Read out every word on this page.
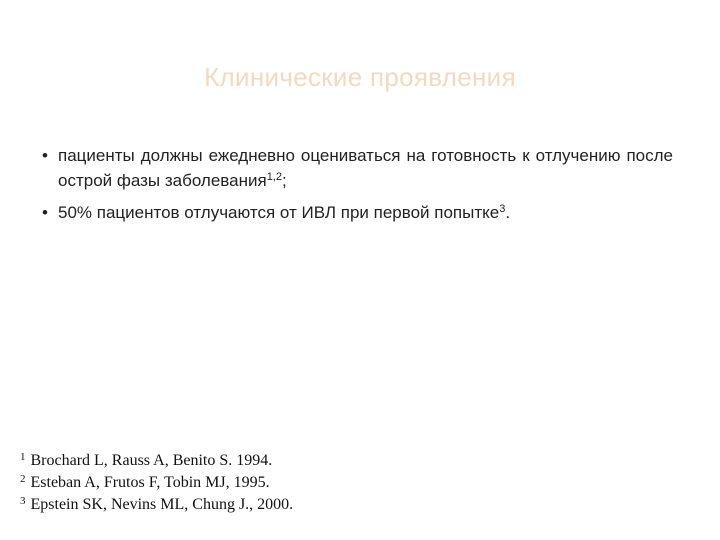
Клинические проявления
• пациенты должны ежедневно оцениваться на готовность к отлучению после острой фазы заболевания$^{1,2}$;
• 50% пациентов отлучаются от ИВЛ при первой попытке$^3$.
$^1$ Brochard L, Rauss A, Benito S. 1994.
$^2$ Esteban A, Frutos F, Tobin MJ, 1995.
$^3$ Epstein SK, Nevins ML, Chung J., 2000.
